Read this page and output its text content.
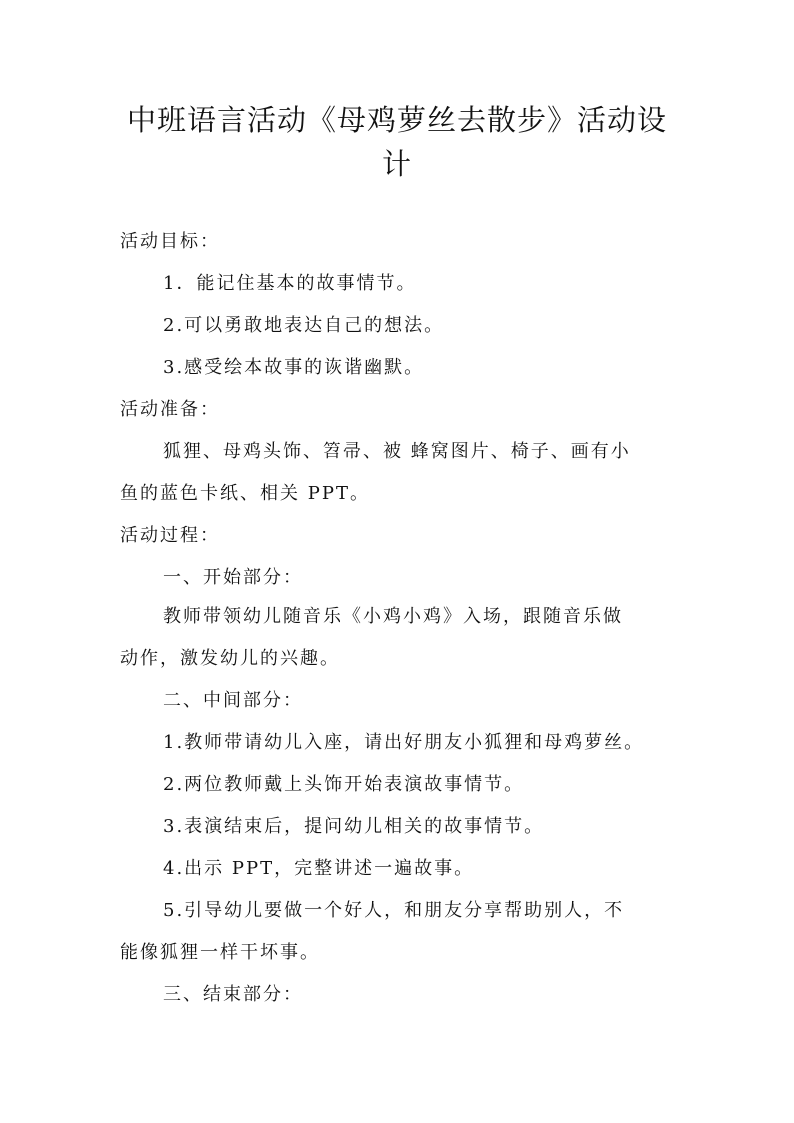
中班语言活动《母鸡萝丝去散步》活动设
计

活动目标：

1．能记住基本的故事情节。

2.可以勇敢地表达自己的想法。

3.感受绘本故事的诙谐幽默。

活动准备：

狐狸、母鸡头饰、笤帚、被 蜂窝图片、椅子、画有小

鱼的蓝色卡纸、相关 PPT。

活动过程：

一、开始部分：

教师带领幼儿随音乐《小鸡小鸡》入场，跟随音乐做

动作，激发幼儿的兴趣。

二、中间部分：

1.教师带请幼儿入座，请出好朋友小狐狸和母鸡萝丝。

2.两位教师戴上头饰开始表演故事情节。

3.表演结束后，提问幼儿相关的故事情节。

4.出示 PPT，完整讲述一遍故事。

5.引导幼儿要做一个好人，和朋友分享帮助别人，不

能像狐狸一样干坏事。

三、结束部分：
